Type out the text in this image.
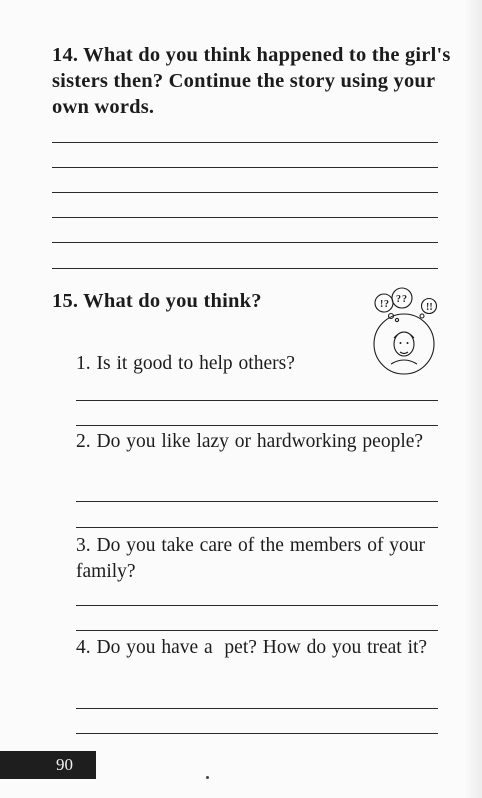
14. What do you think happened to the girl's sisters then? Continue the story using your own words.

15. What do you think?	! ? ? ?
!!

1. Is it good to help others?

2. Do you like lazy or hardworking people?

3. Do you take care of the members of your family?

4. Do you have a  pet? How do you treat it?

90
